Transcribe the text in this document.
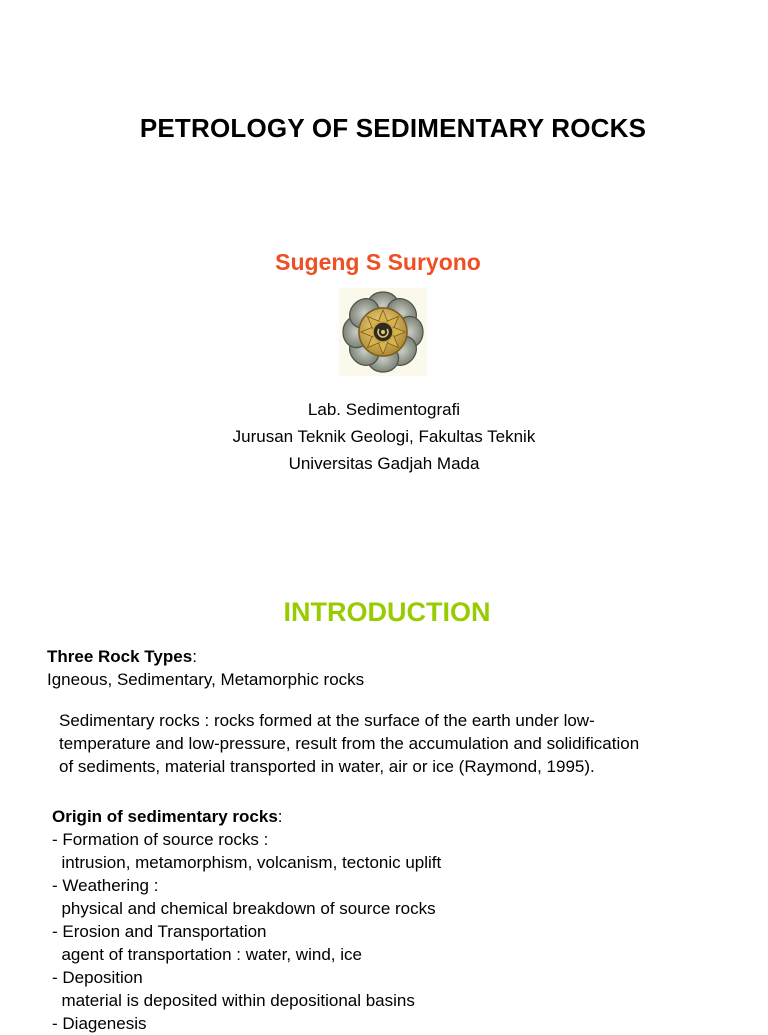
PETROLOGY OF SEDIMENTARY ROCKS
Sugeng S Suryono
Lab. Sedimentografi
Jurusan Teknik Geologi, Fakultas Teknik
Universitas Gadjah Mada
INTRODUCTION
Three Rock Types:
Igneous, Sedimentary, Metamorphic rocks
Sedimentary rocks : rocks formed at the surface of the earth under low-
temperature and low-pressure, result from the accumulation and solidification
of sediments, material transported in water, air or ice (Raymond, 1995).
Origin of sedimentary rocks:
- Formation of source rocks :
intrusion, metamorphism, volcanism, tectonic uplift
- Weathering :
physical and chemical breakdown of source rocks
- Erosion and Transportation
agent of transportation : water, wind, ice
- Deposition
material is deposited within depositional basins
- Diagenesis
